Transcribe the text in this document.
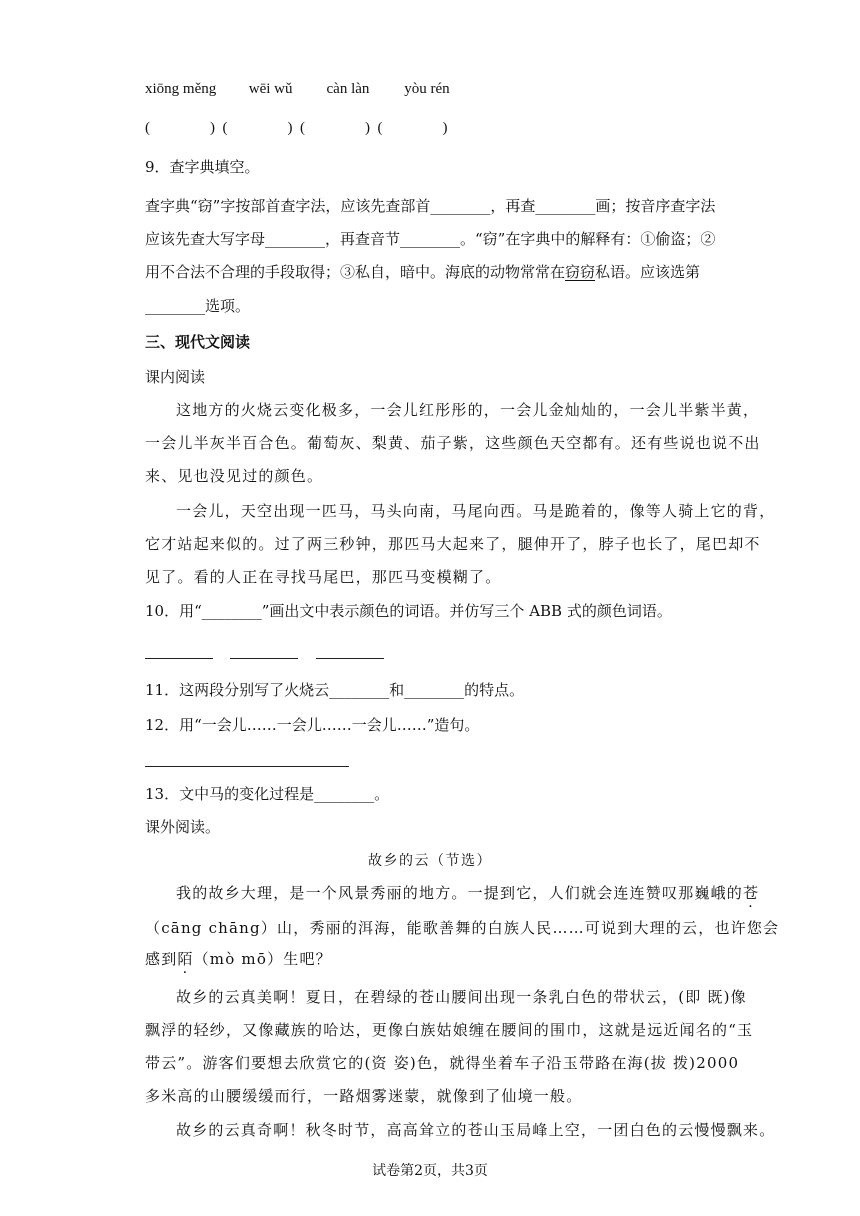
xiōng měng wēi wǔ càn làn yòu rén
(                )  (                )  (                )  (                )
9．查字典填空。
查字典“窃”字按部首查字法，应该先查部首________，再查________画；按音序查字法
应该先查大写字母________，再查音节________。“窃”在字典中的解释有：①偷盗；②
用不合法不合理的手段取得；③私自，暗中。海底的动物常常在窃窃私语。应该选第
________选项。
三、现代文阅读
课内阅读
这地方的火烧云变化极多，一会儿红彤彤的，一会儿金灿灿的，一会儿半紫半黄，
一会儿半灰半百合色。葡萄灰、梨黄、茄子紫，这些颜色天空都有。还有些说也说不出
来、见也没见过的颜色。
一会儿，天空出现一匹马，马头向南，马尾向西。马是跪着的，像等人骑上它的背，
它才站起来似的。过了两三秒钟，那匹马大起来了，腿伸开了，脖子也长了，尾巴却不
见了。看的人正在寻找马尾巴，那匹马变模糊了。
10．用“________”画出文中表示颜色的词语。并仿写三个 ABB 式的颜色词语。
11．这两段分别写了火烧云________和________的特点。
12．用“一会儿……一会儿……一会儿……”造句。
13．文中马的变化过程是________。
课外阅读。
故乡的云（节选）
我的故乡大理，是一个风景秀丽的地方。一提到它，人们就会连连赞叹那巍峨的苍
（cāng chāng）山，秀丽的洱海，能歌善舞的白族人民……可说到大理的云，也许您会
感到陌（mò mō）生吧？
故乡的云真美啊！夏日，在碧绿的苍山腰间出现一条乳白色的带状云，(即 既)像
飘浮的轻纱，又像藏族的哈达，更像白族姑娘缠在腰间的围巾，这就是远近闻名的“玉
带云”。游客们要想去欣赏它的(资 姿)色，就得坐着车子沿玉带路在海(拔 拨)2000
多米高的山腰缓缓而行，一路烟雾迷蒙，就像到了仙境一般。
故乡的云真奇啊！秋冬时节，高高耸立的苍山玉局峰上空，一团白色的云慢慢飘来。
试卷第2页，共3页
